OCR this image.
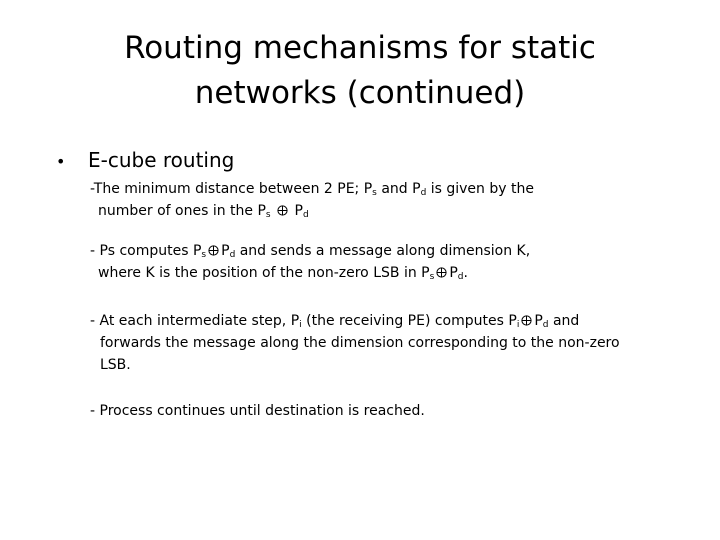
Routing mechanisms for static
networks (continued)
• E-cube routing
-The minimum distance between 2 PE; $P_s$ and $P_d$ is given by the
number of ones in the $P_s$
$P_d$
- Ps computes $P_s$ $P_d$ and sends a message along dimension K,
where K is the position of the non-zero LSB in $P_s$ $P_d$.
- At each intermediate step, $P_i$ (the receiving PE) computes $P_i$ $P_d$ and
forwards the message along the dimension corresponding to the non-zero
LSB.
- Process continues until destination is reached.
